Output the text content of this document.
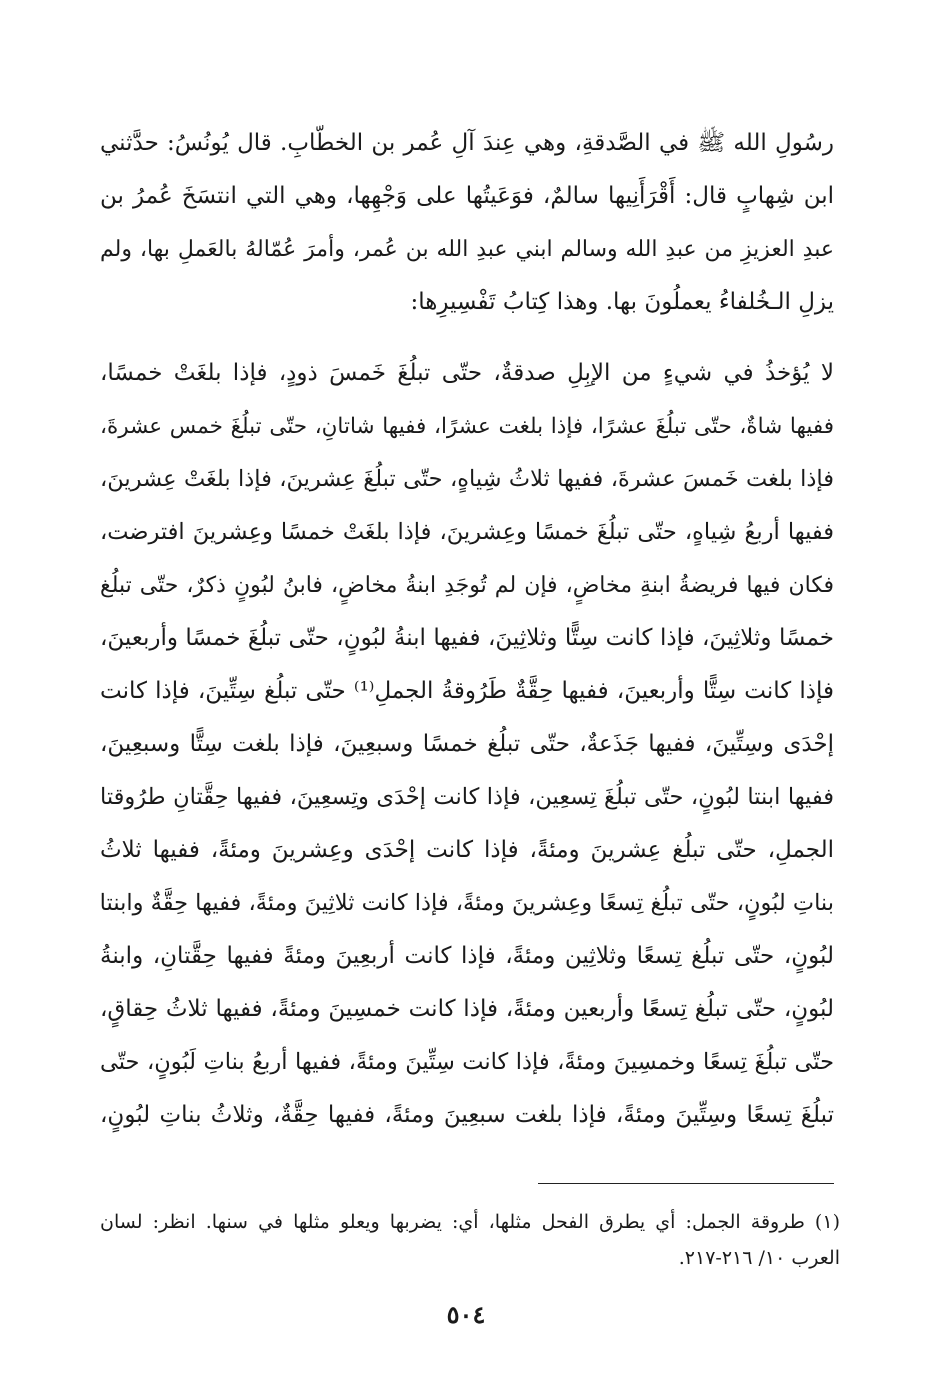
رسُولِ الله ﷺ في الصَّدقةِ، وهي عِندَ آلِ عُمر بن الخطّابِ. قال يُونُسُ: حدَّثني
ابن شِهابٍ قال: أَقْرَأَنِيها سالمٌ، فوَعَيتُها على وَجْهِها، وهي التي انتسَخَ عُمرُ بن
عبدِ العزيزِ من عبدِ الله وسالم ابني عبدِ الله بن عُمر، وأمرَ عُمّالهُ بالعَملِ بها، ولم
يزلِ الـخُلفاءُ يعملُونَ بها. وهذا كِتابُ تَفْسِيرِها:
لا يُؤخذُ في شيءٍ من الإبِلِ صدقةٌ، حتّى تبلُغَ خَمسَ ذودٍ، فإذا بلغَتْ خمسًا،
ففيها شاةٌ، حتّى تبلُغَ عشرًا، فإذا بلغت عشرًا، ففيها شاتانِ، حتّى تبلُغَ خمس عشرةَ،
فإذا بلغت خَمسَ عشرةَ، ففيها ثلاثُ شِياهٍ، حتّى تبلُغَ عِشرينَ، فإذا بلغَتْ عِشرينَ،
ففيها أربعُ شِياهٍ، حتّى تبلُغَ خمسًا وعِشرينَ، فإذا بلغَتْ خمسًا وعِشرينَ افترضت،
فكان فيها فريضةُ ابنةِ مخاضٍ، فإن لم تُوجَدِ ابنةُ مخاضٍ، فابنُ لبُونٍ ذكرٌ، حتّى تبلُغ
خمسًا وثلاثِينَ، فإذا كانت سِتًّا وثلاثِينَ، ففيها ابنةُ لبُونٍ، حتّى تبلُغَ خمسًا وأربعينَ،
فإذا كانت سِتًّا وأربعينَ، ففيها حِقَّةٌ طَرُوقةُ الجملِ⁽¹⁾ حتّى تبلُغ سِتِّينَ، فإذا كانت
إحْدَى وسِتِّينَ، ففيها جَذَعةٌ، حتّى تبلُغ خمسًا وسبعِينَ، فإذا بلغت سِتًّا وسبعِينَ،
ففيها ابنتا لبُونٍ، حتّى تبلُغَ تِسعِين، فإذا كانت إحْدَى وتِسعِينَ، ففيها حِقَّتانِ طرُوقتا
الجملِ، حتّى تبلُغ عِشرينَ ومئةً، فإذا كانت إحْدَى وعِشرينَ ومئةً، ففيها ثلاثُ
بناتِ لبُونٍ، حتّى تبلُغ تِسعًا وعِشرينَ ومئةً، فإذا كانت ثلاثِينَ ومئةً، ففيها حِقَّةٌ وابنتا
لبُونٍ، حتّى تبلُغ تِسعًا وثلاثِين ومئةً، فإذا كانت أربعِينَ ومئةً ففيها حِقَّتانِ، وابنةُ
لبُونٍ، حتّى تبلُغ تِسعًا وأربعين ومئةً، فإذا كانت خمسِينَ ومئةً، ففيها ثلاثُ حِقاقٍ،
حتّى تبلُغَ تِسعًا وخمسِينَ ومئةً، فإذا كانت سِتِّينَ ومئةً، ففيها أربعُ بناتِ لَبُونٍ، حتّى
تبلُغَ تِسعًا وسِتِّينَ ومئةً، فإذا بلغت سبعِينَ ومئةً، ففيها حِقَّةٌ، وثلاثُ بناتِ لبُونٍ،
(١) طروقة الجمل: أي يطرق الفحل مثلها، أي: يضربها ويعلو مثلها في سنها. انظر: لسان
العرب ١٠/ ٢١٦-٢١٧.
٥٠٤
